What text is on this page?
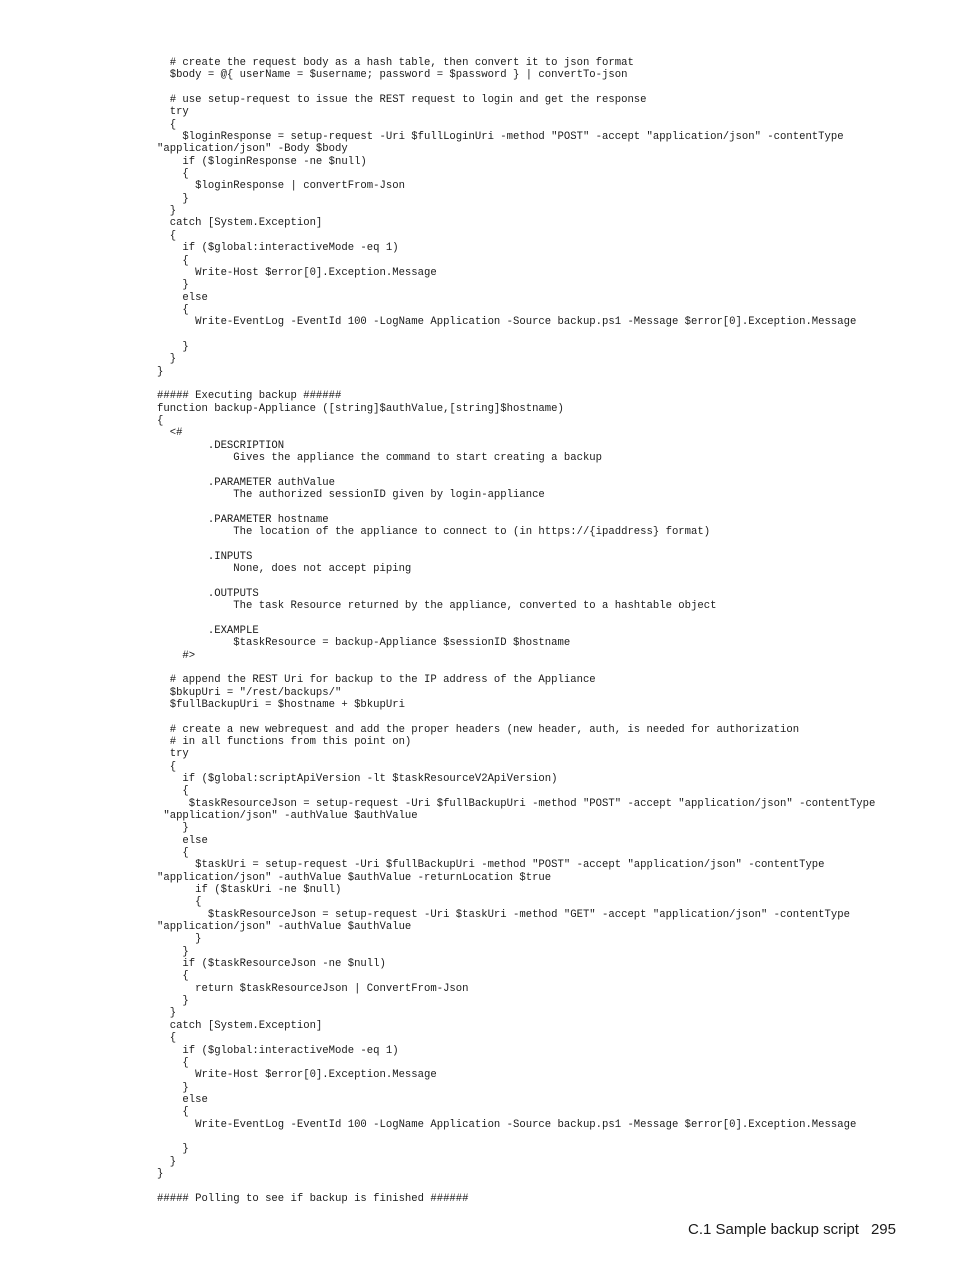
# create the request body as a hash table, then convert it to json format
$body = @{ userName = $username; password = $password } | convertTo-json
# use setup-request to issue the REST request to login and get the response
try
{
$loginResponse = setup-request -Uri $fullLoginUri -method "POST" -accept "application/json" -contentType
"application/json" -Body $body
if ($loginResponse -ne $null)
{
$loginResponse | convertFrom-Json
}
}
catch [System.Exception]
{
if ($global:interactiveMode -eq 1)
{
Write-Host $error[0].Exception.Message
}
else
{
Write-EventLog -EventId 100 -LogName Application -Source backup.ps1 -Message $error[0].Exception.Message
}
}
}
##### Executing backup ######
function backup-Appliance ([string]$authValue,[string]$hostname)
{
<#
.DESCRIPTION
Gives the appliance the command to start creating a backup
.PARAMETER authValue
The authorized sessionID given by login-appliance
.PARAMETER hostname
The location of the appliance to connect to (in https://{ipaddress} format)
.INPUTS
None, does not accept piping
.OUTPUTS
The task Resource returned by the appliance, converted to a hashtable object
.EXAMPLE
$taskResource = backup-Appliance $sessionID $hostname
#>
# append the REST Uri for backup to the IP address of the Appliance
$bkupUri = "/rest/backups/"
$fullBackupUri = $hostname + $bkupUri
# create a new webrequest and add the proper headers (new header, auth, is needed for authorization
# in all functions from this point on)
try
{
if ($global:scriptApiVersion -lt $taskResourceV2ApiVersion)
{
$taskResourceJson = setup-request -Uri $fullBackupUri -method "POST" -accept "application/json" -contentType
"application/json" -authValue $authValue
}
else
{
$taskUri = setup-request -Uri $fullBackupUri -method "POST" -accept "application/json" -contentType
"application/json" -authValue $authValue -returnLocation $true
if ($taskUri -ne $null)
{
$taskResourceJson = setup-request -Uri $taskUri -method "GET" -accept "application/json" -contentType
"application/json" -authValue $authValue
}
}
if ($taskResourceJson -ne $null)
{
return $taskResourceJson | ConvertFrom-Json
}
}
catch [System.Exception]
{
if ($global:interactiveMode -eq 1)
{
Write-Host $error[0].Exception.Message
}
else
{
Write-EventLog -EventId 100 -LogName Application -Source backup.ps1 -Message $error[0].Exception.Message
}
}
}
##### Polling to see if backup is finished ######
C.1 Sample backup script 295
